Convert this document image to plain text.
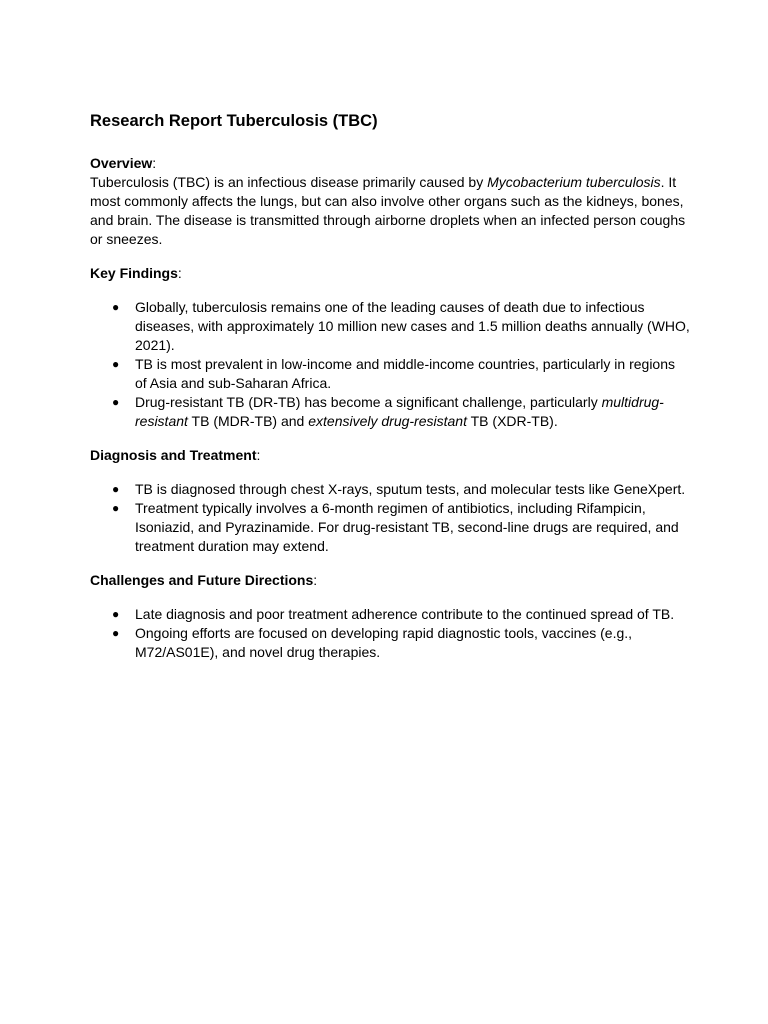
Research Report Tuberculosis (TBC)
Overview:

Tuberculosis (TBC) is an infectious disease primarily caused by Mycobacterium tuberculosis. It most commonly affects the lungs, but can also involve other organs such as the kidneys, bones, and brain. The disease is transmitted through airborne droplets when an infected person coughs or sneezes.

Key Findings:
● Globally, tuberculosis remains one of the leading causes of death due to infectious diseases, with approximately 10 million new cases and 1.5 million deaths annually (WHO, 2021).
● TB is most prevalent in low-income and middle-income countries, particularly in regions of Asia and sub-Saharan Africa.
● Drug-resistant TB (DR-TB) has become a significant challenge, particularly multidrug-resistant TB (MDR-TB) and extensively drug-resistant TB (XDR-TB).
Diagnosis and Treatment:
● TB is diagnosed through chest X-rays, sputum tests, and molecular tests like GeneXpert.
● Treatment typically involves a 6-month regimen of antibiotics, including Rifampicin, Isoniazid, and Pyrazinamide. For drug-resistant TB, second-line drugs are required, and treatment duration may extend.
Challenges and Future Directions:
● Late diagnosis and poor treatment adherence contribute to the continued spread of TB.
● Ongoing efforts are focused on developing rapid diagnostic tools, vaccines (e.g., M72/AS01E), and novel drug therapies.
